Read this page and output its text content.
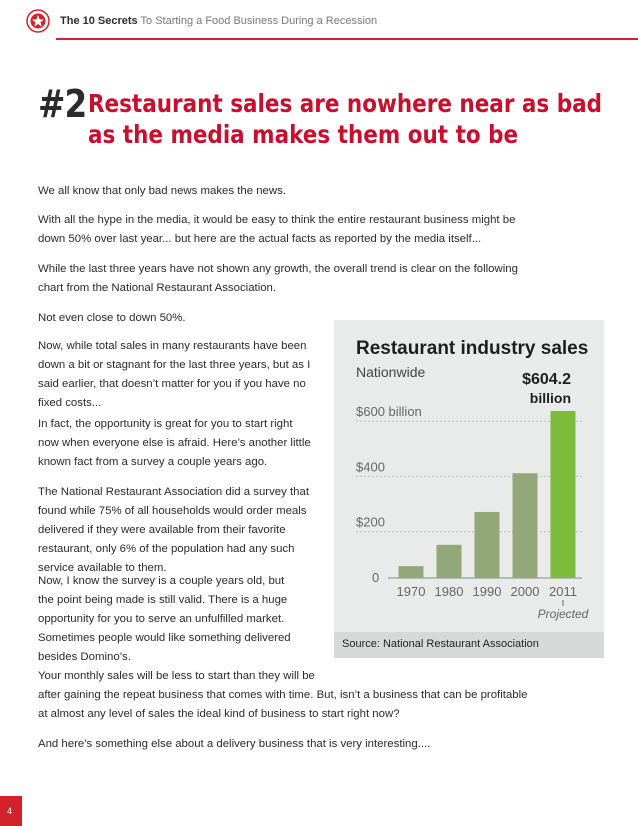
The 10 Secrets To Starting a Food Business During a Recession
#2 Restaurant sales are nowhere near as bad
as the media makes them out to be
We all know that only bad news makes the news.
With all the hype in the media, it would be easy to think the entire restaurant business might be
down 50% over last year... but here are the actual facts as reported by the media itself...
While the last three years have not shown any growth, the overall trend is clear on the following
chart from the National Restaurant Association.
Not even close to down 50%.
Now, while total sales in many restaurants have been
down a bit or stagnant for the last three years, but as I
said earlier, that doesn’t matter for you if you have no
fixed costs...
In fact, the opportunity is great for you to start right
now when everyone else is afraid. Here’s another little
known fact from a survey a couple years ago.
The National Restaurant Association did a survey that
found while 75% of all households would order meals
delivered if they were available from their favorite
restaurant, only 6% of the population had any such
service available to them.
Now, I know the survey is a couple years old, but
the point being made is still valid. There is a huge
opportunity for you to serve an unfulfilled market.
Sometimes people would like something delivered
besides Domino’s.
Restaurant industry sales
Nationwide
0
$200
$400
$600 billion
1970 1980 1990 2000 2011
$604.2
billion
Projected
Source: National Restaurant Association
Your monthly sales will be less to start than they will be
after gaining the repeat business that comes with time. But, isn’t a business that can be profitable
at almost any level of sales the ideal kind of business to start right now?
And here’s something else about a delivery business that is very interesting....
4
